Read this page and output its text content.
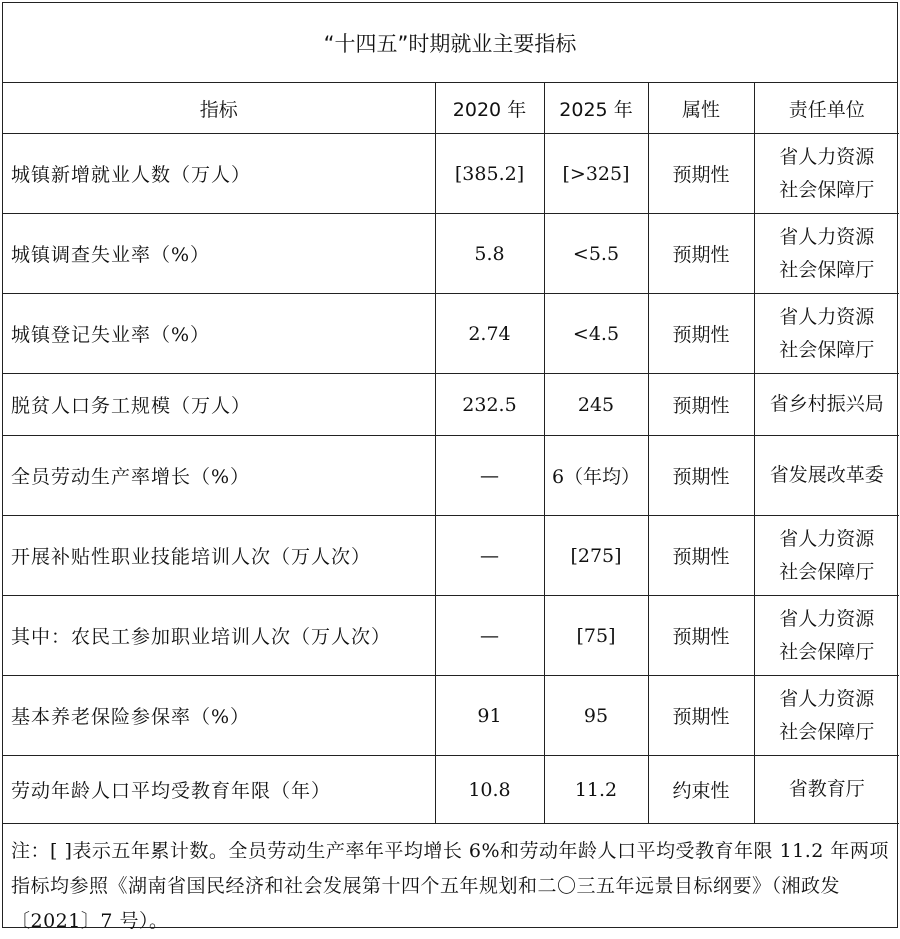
“十四五”时期就业主要指标
指标	2020 年	2025 年	属性	责任单位
城镇新增就业人数（万人）	[385.2]	[>325]	预期性	省人力资源
社会保障厅

城镇调查失业率（%）	5.8	<5.5	预期性	省人力资源
社会保障厅

城镇登记失业率（%）	2.74	<4.5	预期性	省人力资源
社会保障厅

脱贫人口务工规模（万人）	232.5	245	预期性	省乡村振兴局

全员劳动生产率增长（%）	—	6（年均）	预期性	省发展改革委

开展补贴性职业技能培训人次（万人次）	—	[275]	预期性	省人力资源
社会保障厅

其中：农民工参加职业培训人次（万人次）	—	[75]	预期性	省人力资源
社会保障厅

基本养老保险参保率（%）	91	95	预期性	省人力资源
社会保障厅

劳动年龄人口平均受教育年限（年）	10.8	11.2	约束性	省教育厅
注：[ ]表示五年累计数。全员劳动生产率年平均增长 6%和劳动年龄人口平均受教育年限 11.2 年两项指标均参照《湖南省国民经济和社会发展第十四个五年规划和二〇三五年远景目标纲要》（湘政发〔2021〕7 号）。
